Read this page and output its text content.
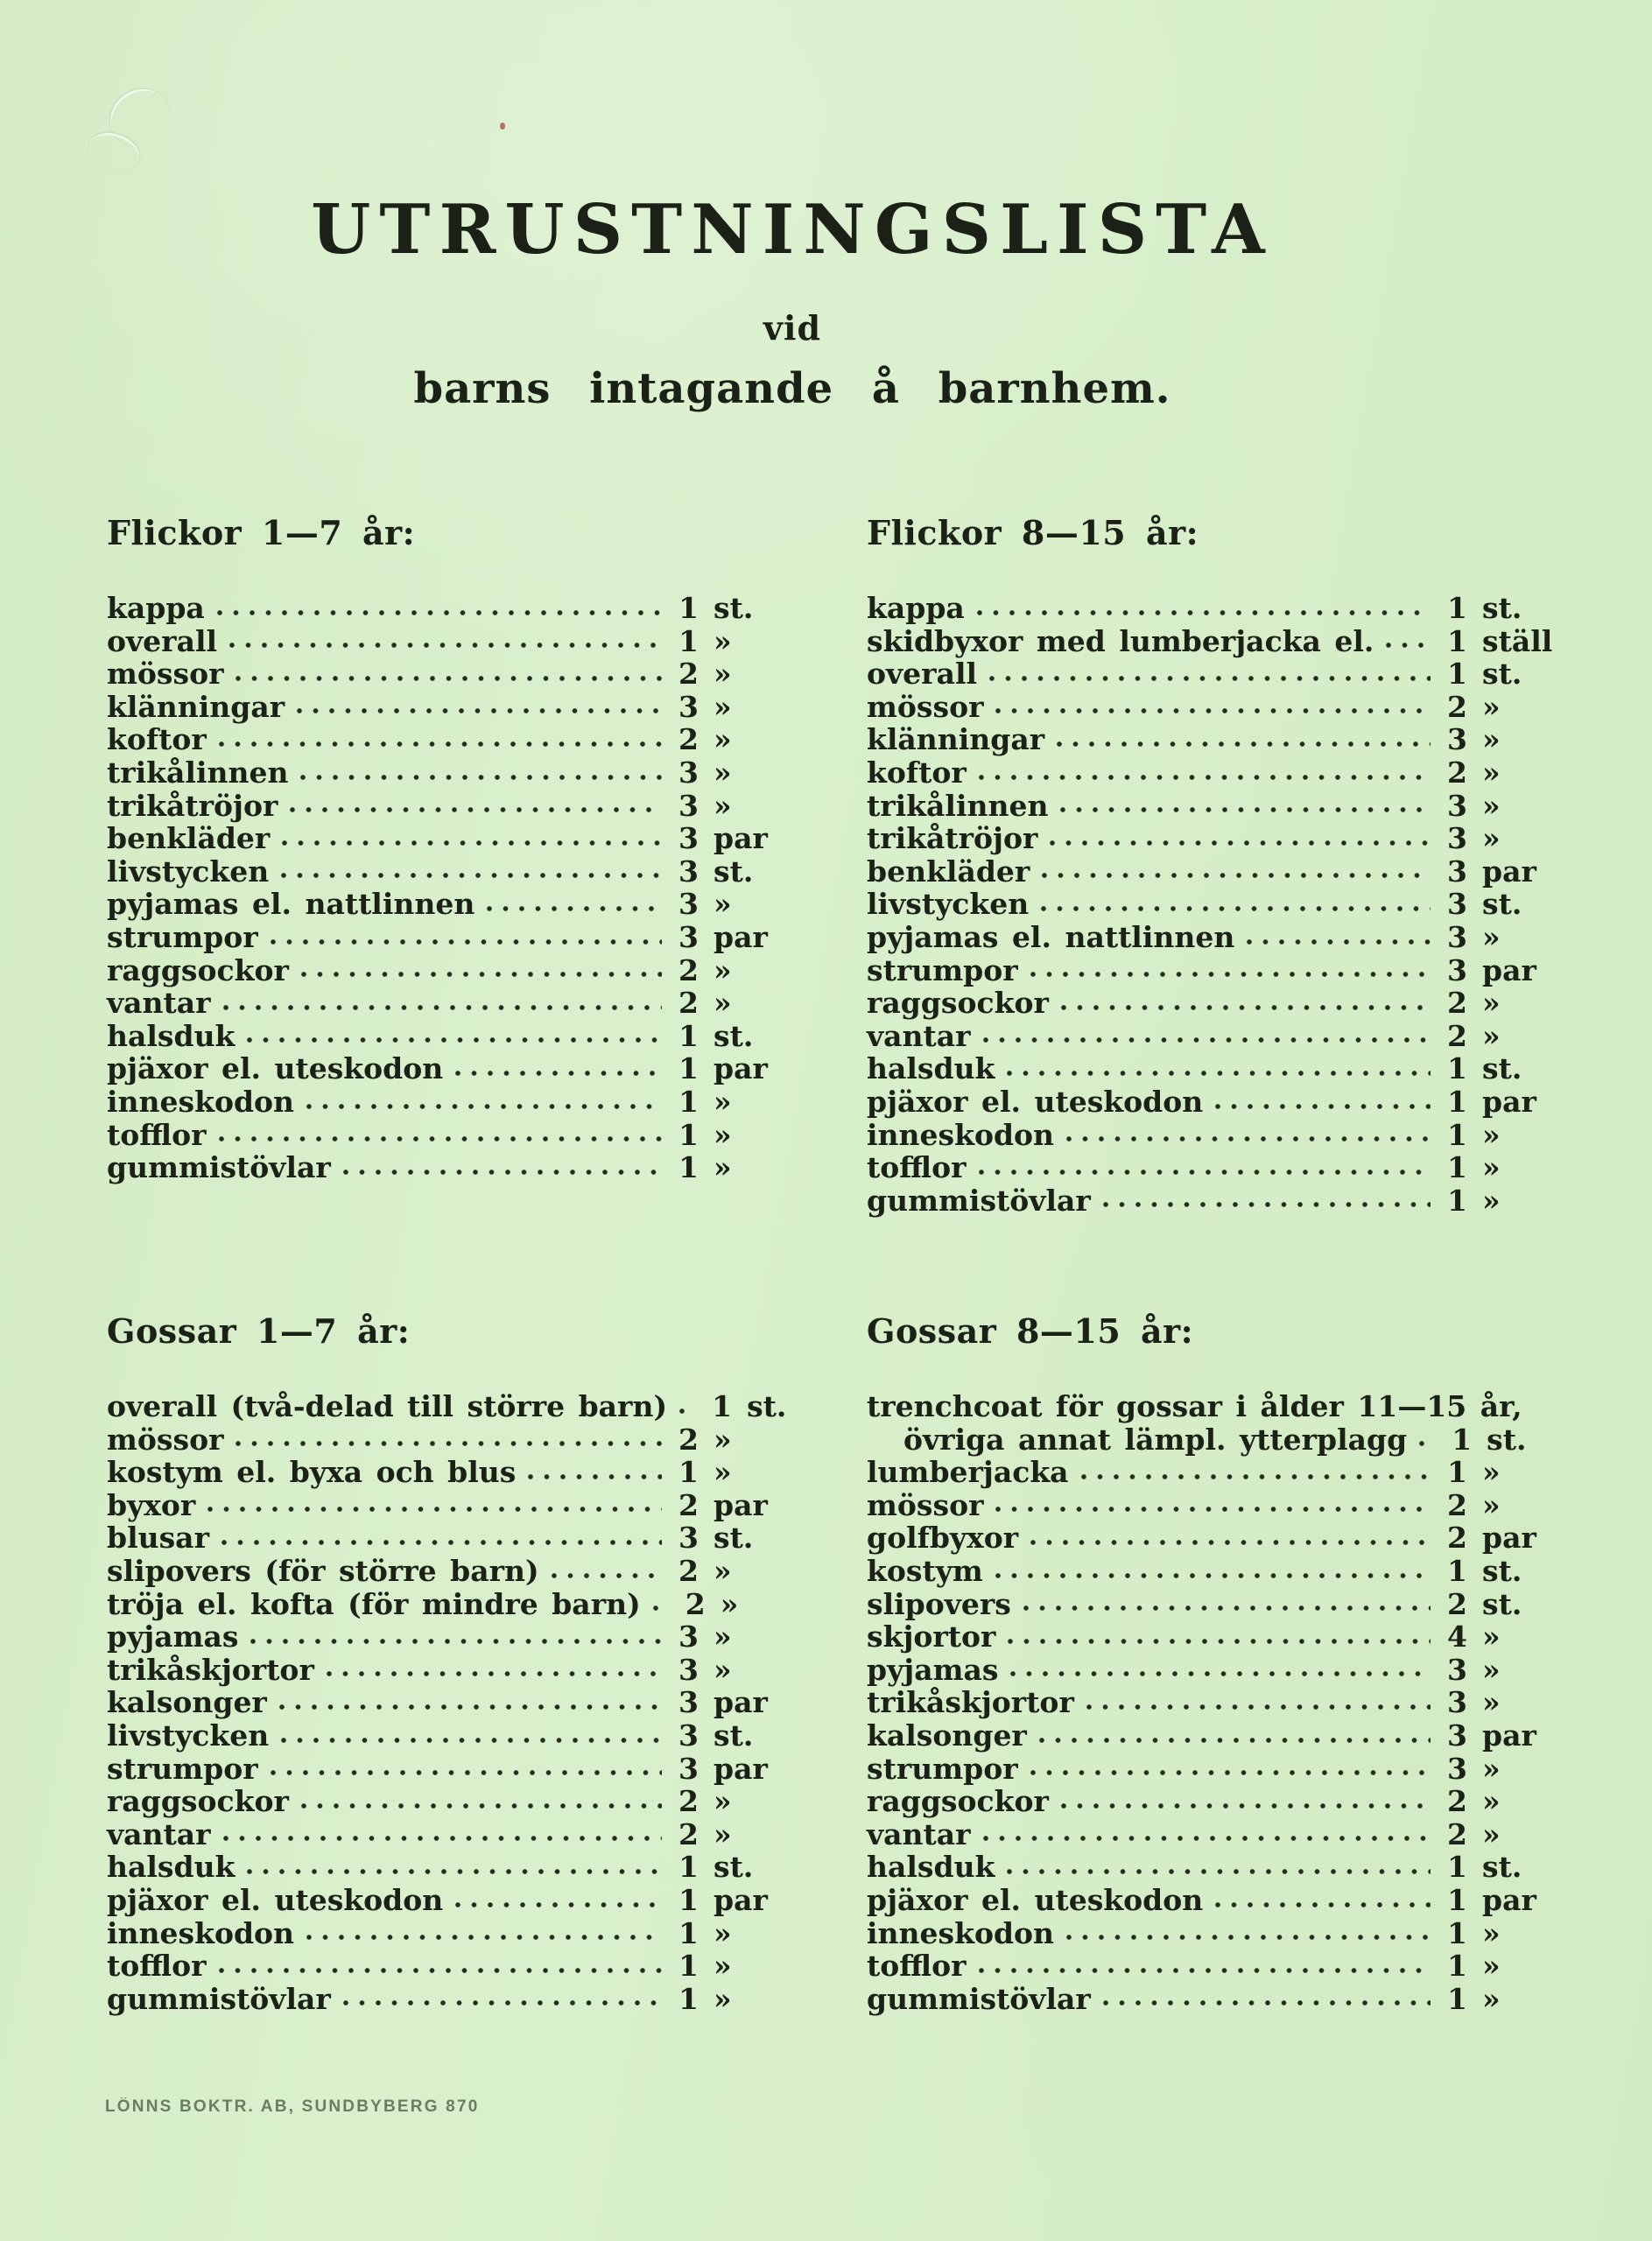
UTRUSTNINGSLISTA
vid
barns intagande å barnhem.
Flickor 1—7 år:
kappa	1 st.
overall	1 »
mössor	2 »
klänningar	3 »
koftor	2 »
trikålinnen	3 »
trikåtröjor	3 »
benkläder	3 par
livstycken	3 st.
pyjamas el. nattlinnen	3 »
strumpor	3 par
raggsockor	2 »
vantar	2 »
halsduk	1 st.
pjäxor el. uteskodon	1 par
inneskodon	1 »
tofflor	1 »
gummistövlar	1 »
Flickor 8—15 år:
kappa	1 st.
skidbyxor med lumberjacka el.	1 ställ
overall	1 st.
mössor	2 »
klänningar	3 »
koftor	2 »
trikålinnen	3 »
trikåtröjor	3 »
benkläder	3 par
livstycken	3 st.
pyjamas el. nattlinnen	3 »
strumpor	3 par
raggsockor	2 »
vantar	2 »
halsduk	1 st.
pjäxor el. uteskodon	1 par
inneskodon	1 »
tofflor	1 »
gummistövlar	1 »
Gossar 1—7 år:
overall (två-delad till större barn)	1 st.
mössor	2 »
kostym el. byxa och blus	1 »
byxor	2 par
blusar	3 st.
slipovers (för större barn)	2 »
tröja el. kofta (för mindre barn)	2 »
pyjamas	3 »
trikåskjortor	3 »
kalsonger	3 par
livstycken	3 st.
strumpor	3 par
raggsockor	2 »
vantar	2 »
halsduk	1 st.
pjäxor el. uteskodon	1 par
inneskodon	1 »
tofflor	1 »
gummistövlar	1 »
Gossar 8—15 år:
trenchcoat för gossar i ålder 11—15 år,
övriga annat lämpl. ytterplagg	1 st.
lumberjacka	1 »
mössor	2 »
golfbyxor	2 par
kostym	1 st.
slipovers	2 st.
skjortor	4 »
pyjamas	3 »
trikåskjortor	3 »
kalsonger	3 par
strumpor	3 »
raggsockor	2 »
vantar	2 »
halsduk	1 st.
pjäxor el. uteskodon	1 par
inneskodon	1 »
tofflor	1 »
gummistövlar	1 »
LÖNNS BOKTR. AB, SUNDBYBERG 870
